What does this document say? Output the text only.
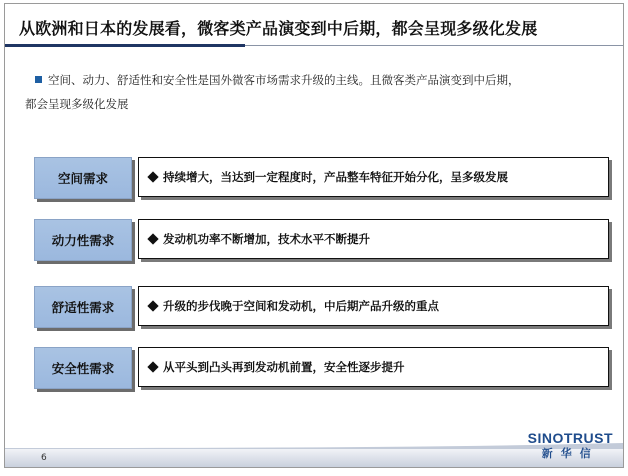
从欧洲和日本的发展看，微客类产品演变到中后期，都会呈现多级化发展
空间、动力、舒适性和安全性是国外微客市场需求升级的主线。且微客类产品演变到中后期，
都会呈现多级化发展
空间需求	持续增大，当达到一定程度时，产品整车特征开始分化，呈多级发展
动力性需求	发动机功率不断增加，技术水平不断提升
舒适性需求	升级的步伐晚于空间和发动机，中后期产品升级的重点
安全性需求	从平头到凸头再到发动机前置，安全性逐步提升
6
SINOTRUST
新华信
